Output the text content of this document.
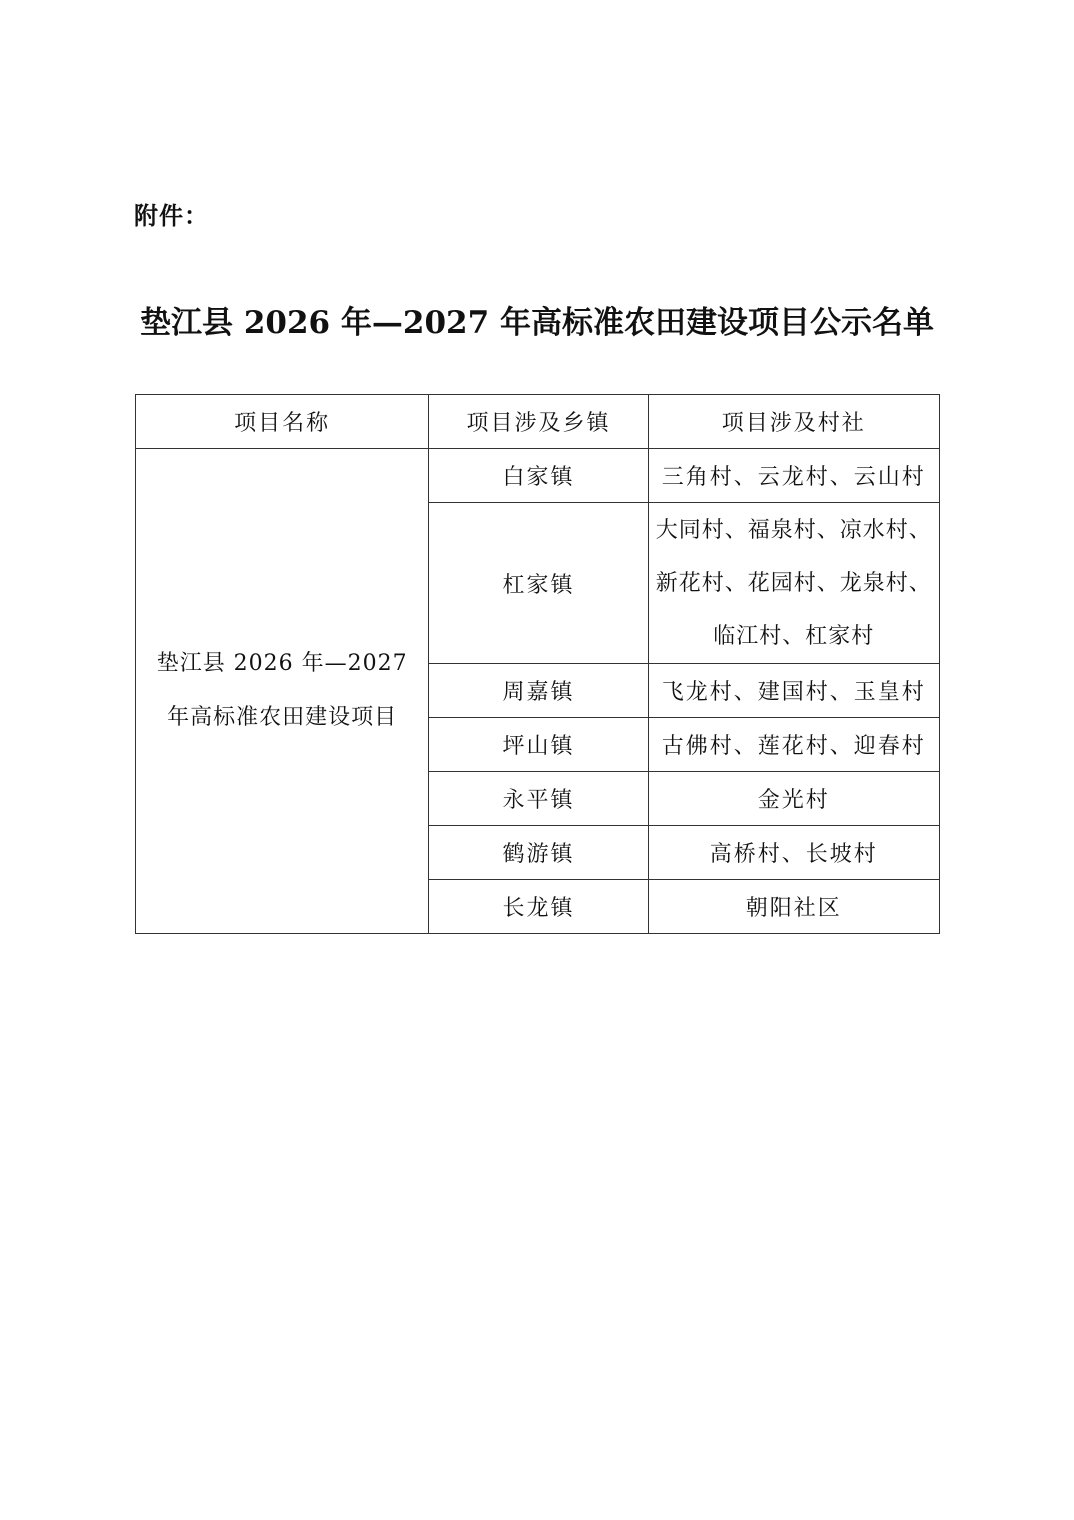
附件：
垫江县 2026 年—2027 年高标准农田建设项目公示名单
项目名称	项目涉及乡镇	项目涉及村社
垫江县 2026 年—2027 年高标准农田建设项目	白家镇	三角村、云龙村、云山村
	杠家镇	大同村、福泉村、凉水村、新花村、花园村、龙泉村、临江村、杠家村
	周嘉镇	飞龙村、建国村、玉皇村
	坪山镇	古佛村、莲花村、迎春村
	永平镇	金光村
	鹤游镇	高桥村、长坡村
	长龙镇	朝阳社区
